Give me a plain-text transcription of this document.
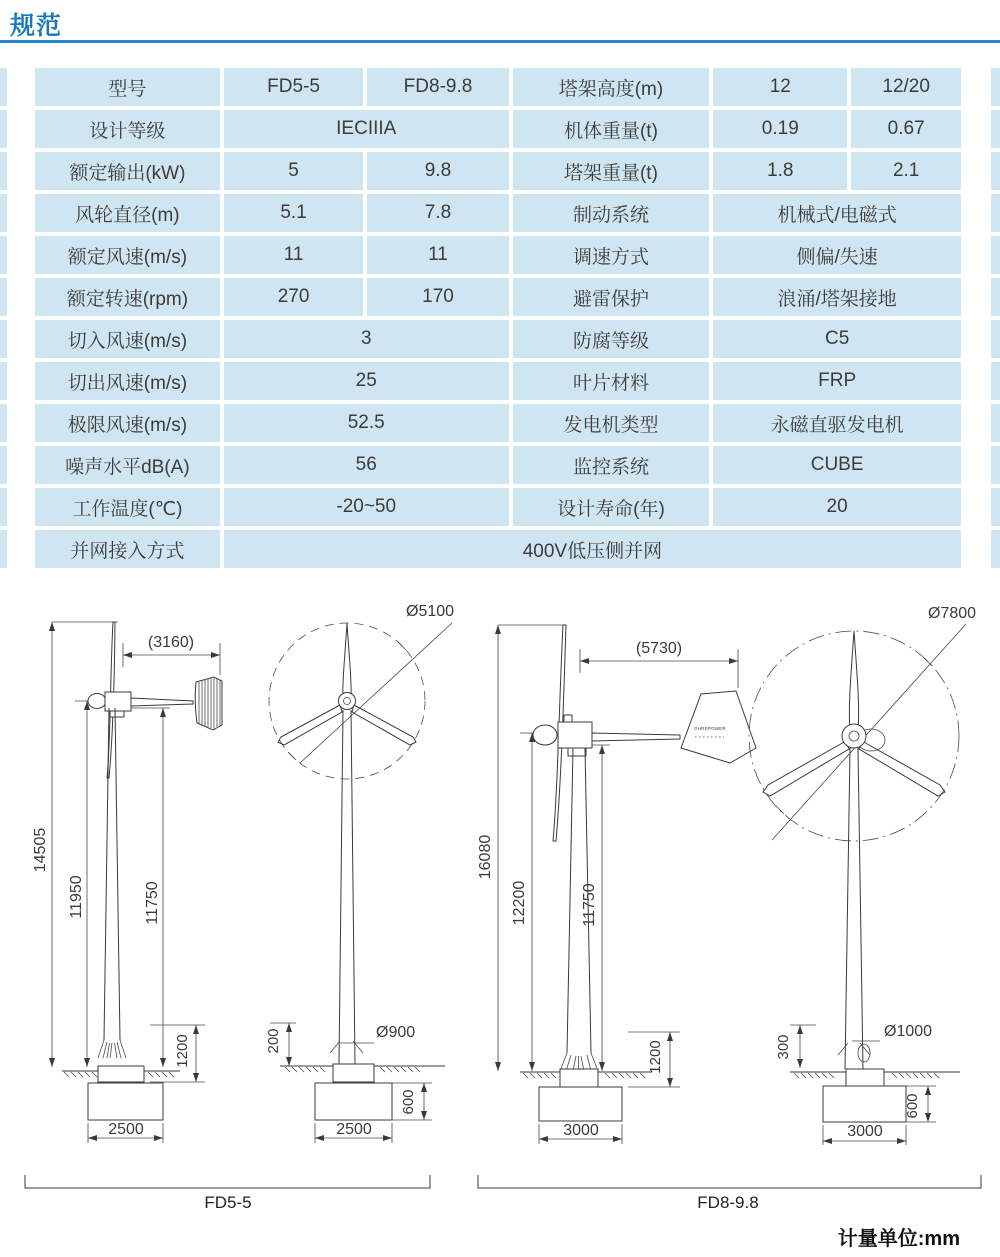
规范
型号	FD5-5	FD8-9.8	塔架高度(m)	12	12/20
设计等级	IECIIIA		机体重量(t)	0.19	0.67
额定输出(kW)	5	9.8	塔架重量(t)	1.8	2.1
风轮直径(m)	5.1	7.8	制动系统	机械式/电磁式	
额定风速(m/s)	11	11	调速方式	侧偏/失速	
额定转速(rpm)	270	170	避雷保护	浪涌/塔架接地	
切入风速(m/s)	3		防腐等级	C5	
切出风速(m/s)	25		叶片材料	FRP	
极限风速(m/s)	52.5		发电机类型	永磁直驱发电机	
噪声水平dB(A)	56		监控系统	CUBE	
工作温度(℃)	-20~50		设计寿命(年)	20	
并网接入方式	400V低压侧并网				
14505
11950	11750
(3160)
1200
2500
Ø5100
200	Ø900
600
2500
16080
12200	11750
(5730)
GHREPOWER
1200
3000
Ø7800
300
Ø1000
600
3000
FD5-5	FD8-9.8
计量单位:mm
